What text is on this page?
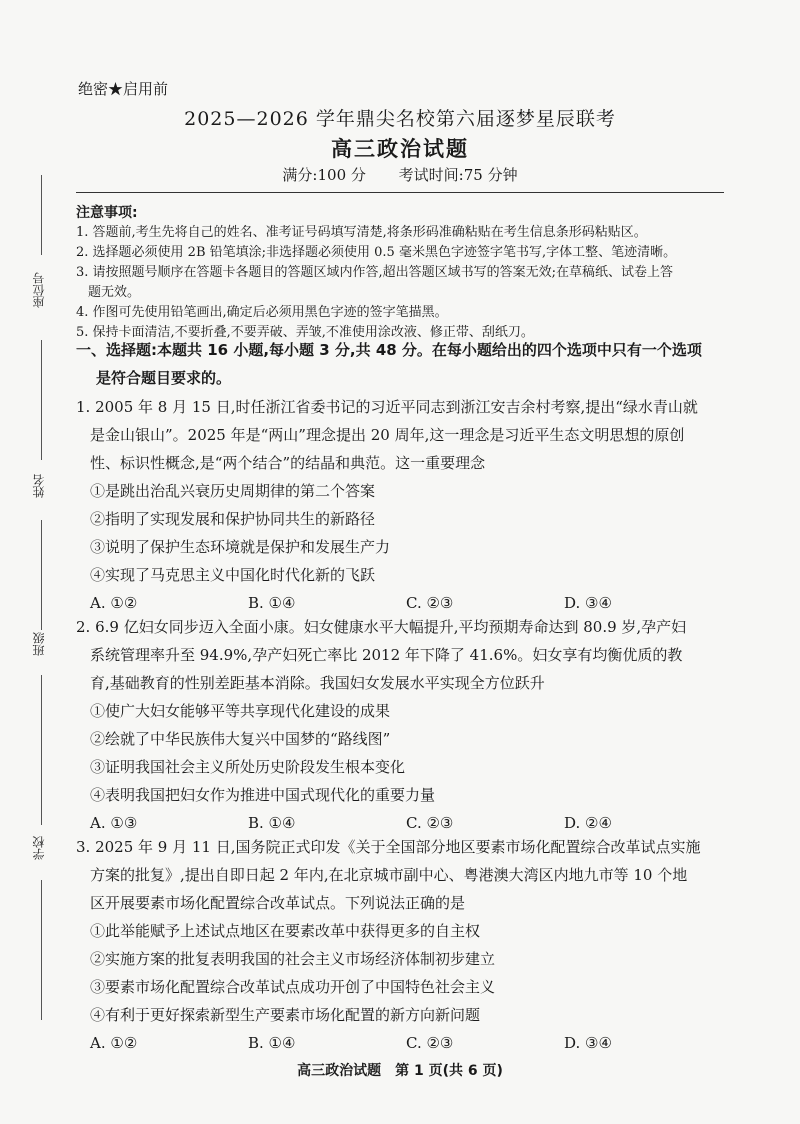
座位号
姓名
班级
学校
绝密★启用前
2025—2026 学年鼎尖名校第六届逐梦星辰联考
高三政治试题
满分:100 分 考试时间:75 分钟
注意事项:
1. 答题前,考生先将自己的姓名、准考证号码填写清楚,将条形码准确粘贴在考生信息条形码粘贴区。
2. 选择题必须使用 2B 铅笔填涂;非选择题必须使用 0.5 毫米黑色字迹签字笔书写,字体工整、笔迹清晰。
3. 请按照题号顺序在答题卡各题目的答题区域内作答,超出答题区域书写的答案无效;在草稿纸、试卷上答
题无效。
4. 作图可先使用铅笔画出,确定后必须用黑色字迹的签字笔描黑。
5. 保持卡面清洁,不要折叠,不要弄破、弄皱,不准使用涂改液、修正带、刮纸刀。
一、选择题:本题共 16 小题,每小题 3 分,共 48 分。在每小题给出的四个选项中只有一个选项
是符合题目要求的。
1. 2005 年 8 月 15 日,时任浙江省委书记的习近平同志到浙江安吉余村考察,提出“绿水青山就
是金山银山”。2025 年是“两山”理念提出 20 周年,这一理念是习近平生态文明思想的原创
性、标识性概念,是“两个结合”的结晶和典范。这一重要理念
①是跳出治乱兴衰历史周期律的第二个答案
②指明了实现发展和保护协同共生的新路径
③说明了保护生态环境就是保护和发展生产力
④实现了马克思主义中国化时代化新的飞跃
A. ①②	B. ①④	C. ②③	D. ③④
2. 6.9 亿妇女同步迈入全面小康。妇女健康水平大幅提升,平均预期寿命达到 80.9 岁,孕产妇
系统管理率升至 94.9%,孕产妇死亡率比 2012 年下降了 41.6%。妇女享有均衡优质的教
育,基础教育的性别差距基本消除。我国妇女发展水平实现全方位跃升
①使广大妇女能够平等共享现代化建设的成果
②绘就了中华民族伟大复兴中国梦的“路线图”
③证明我国社会主义所处历史阶段发生根本变化
④表明我国把妇女作为推进中国式现代化的重要力量
A. ①③	B. ①④	C. ②③	D. ②④
3. 2025 年 9 月 11 日,国务院正式印发《关于全国部分地区要素市场化配置综合改革试点实施
方案的批复》,提出自即日起 2 年内,在北京城市副中心、粤港澳大湾区内地九市等 10 个地
区开展要素市场化配置综合改革试点。下列说法正确的是
①此举能赋予上述试点地区在要素改革中获得更多的自主权
②实施方案的批复表明我国的社会主义市场经济体制初步建立
③要素市场化配置综合改革试点成功开创了中国特色社会主义
④有利于更好探索新型生产要素市场化配置的新方向新问题
A. ①②	B. ①④	C. ②③	D. ③④
高三政治试题　第 1 页(共 6 页)
